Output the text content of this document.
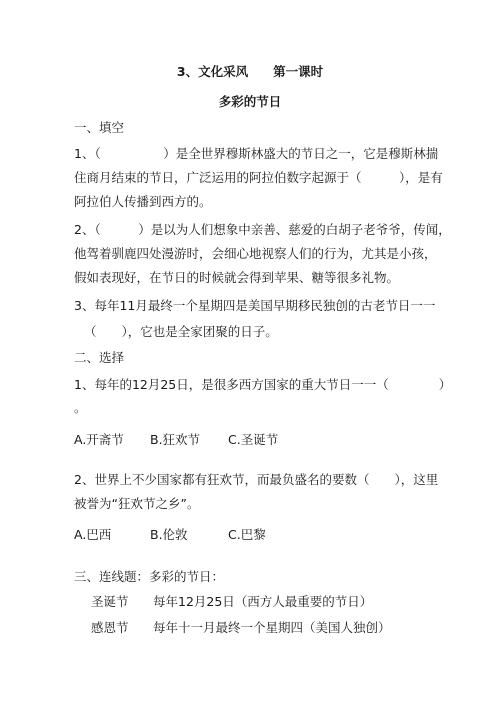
3、文化采风　　第一课时
多彩的节日
一、填空
1、（　　　　　）是全世界穆斯林盛大的节日之一，它是穆斯林揣
住商月结束的节日，广泛运用的阿拉伯数字起源于（　　　），是有
阿拉伯人传播到西方的。
2、（　　　）是以为人们想象中亲善、慈爱的白胡子老爷爷，传闻，
他驾着驯鹿四处漫游时，会细心地视察人们的行为，尤其是小孩，
假如表现好，在节日的时候就会得到苹果、糖等很多礼物。
3、每年11月最终一个星期四是美国早期移民独创的古老节日一一
（　　），它也是全家团聚的日子。
二、选择
1、每年的12月25日，是很多西方国家的重大节日一一（　　　　）
。
A.开斋节 B.狂欢节 C.圣诞节
2、世界上不少国家都有狂欢节，而最负盛名的要数（　　），这里
被誉为“狂欢节之乡”。
A.巴西	B.伦敦	C.巴黎
三、连线题：多彩的节日：
圣诞节 每年12月25日（西方人最重要的节日）
感恩节 每年十一月最终一个星期四（美国人独创）
